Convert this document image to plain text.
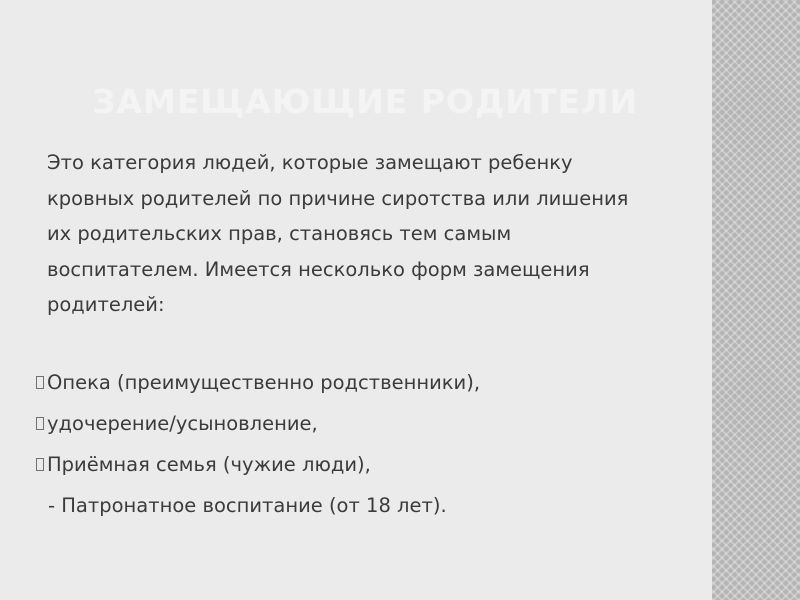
ЗАМЕЩАЮЩИЕ РОДИТЕЛИ

Это категория людей, которые замещают ребенку кровных родителей по причине сиротства или лишения их родительских прав, становясь тем самым воспитателем. Имеется несколько форм замещения родителей:

Опека (преимущественно родственники),
удочерение/усыновление,
Приёмная семья (чужие люди),
- Патронатное воспитание (от 18 лет).
